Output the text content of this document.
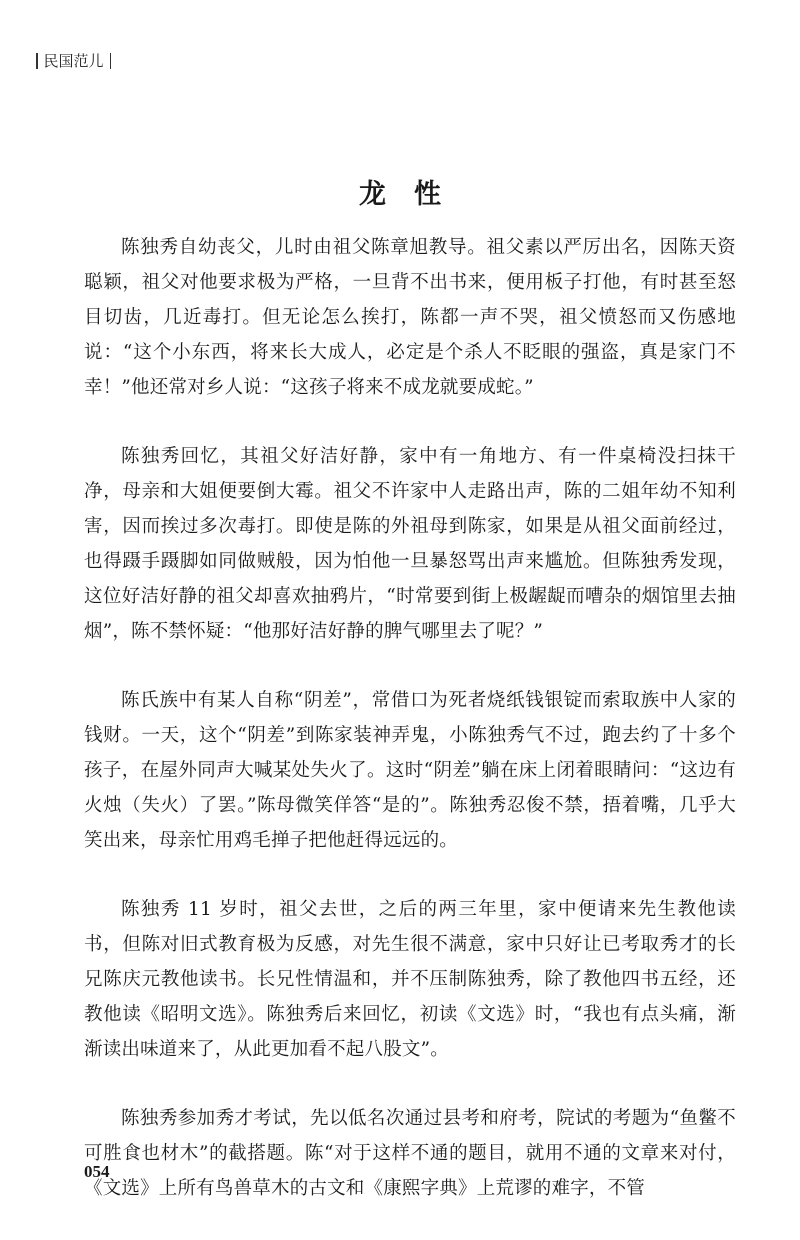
民国范儿
龙性

陈独秀自幼丧父，儿时由祖父陈章旭教导。祖父素以严厉出名，因陈天资聪颖，祖父对他要求极为严格，一旦背不出书来，便用板子打他，有时甚至怒目切齿，几近毒打。但无论怎么挨打，陈都一声不哭，祖父愤怒而又伤感地说：“这个小东西，将来长大成人，必定是个杀人不眨眼的强盗，真是家门不幸！”他还常对乡人说：“这孩子将来不成龙就要成蛇。”

陈独秀回忆，其祖父好洁好静，家中有一角地方、有一件桌椅没扫抹干净，母亲和大姐便要倒大霉。祖父不许家中人走路出声，陈的二姐年幼不知利害，因而挨过多次毒打。即使是陈的外祖母到陈家，如果是从祖父面前经过，也得蹑手蹑脚如同做贼般，因为怕他一旦暴怒骂出声来尴尬。但陈独秀发现，这位好洁好静的祖父却喜欢抽鸦片，“时常要到街上极龌龊而嘈杂的烟馆里去抽烟”，陈不禁怀疑：“他那好洁好静的脾气哪里去了呢？”

陈氏族中有某人自称“阴差”，常借口为死者烧纸钱银锭而索取族中人家的钱财。一天，这个“阴差”到陈家装神弄鬼，小陈独秀气不过，跑去约了十多个孩子，在屋外同声大喊某处失火了。这时“阴差”躺在床上闭着眼睛问：“这边有火烛（失火）了罢。”陈母微笑佯答“是的”。陈独秀忍俊不禁，捂着嘴，几乎大笑出来，母亲忙用鸡毛掸子把他赶得远远的。

陈独秀 11 岁时，祖父去世，之后的两三年里，家中便请来先生教他读书，但陈对旧式教育极为反感，对先生很不满意，家中只好让已考取秀才的长兄陈庆元教他读书。长兄性情温和，并不压制陈独秀，除了教他四书五经，还教他读《昭明文选》。陈独秀后来回忆，初读《文选》时，“我也有点头痛，渐渐读出味道来了，从此更加看不起八股文”。

陈独秀参加秀才考试，先以低名次通过县考和府考，院试的考题为“鱼鳖不可胜食也材木”的截搭题。陈“对于这样不通的题目，就用不通的文章来对付，《文选》上所有鸟兽草木的古文和《康熙字典》上荒谬的难字，不管

054
